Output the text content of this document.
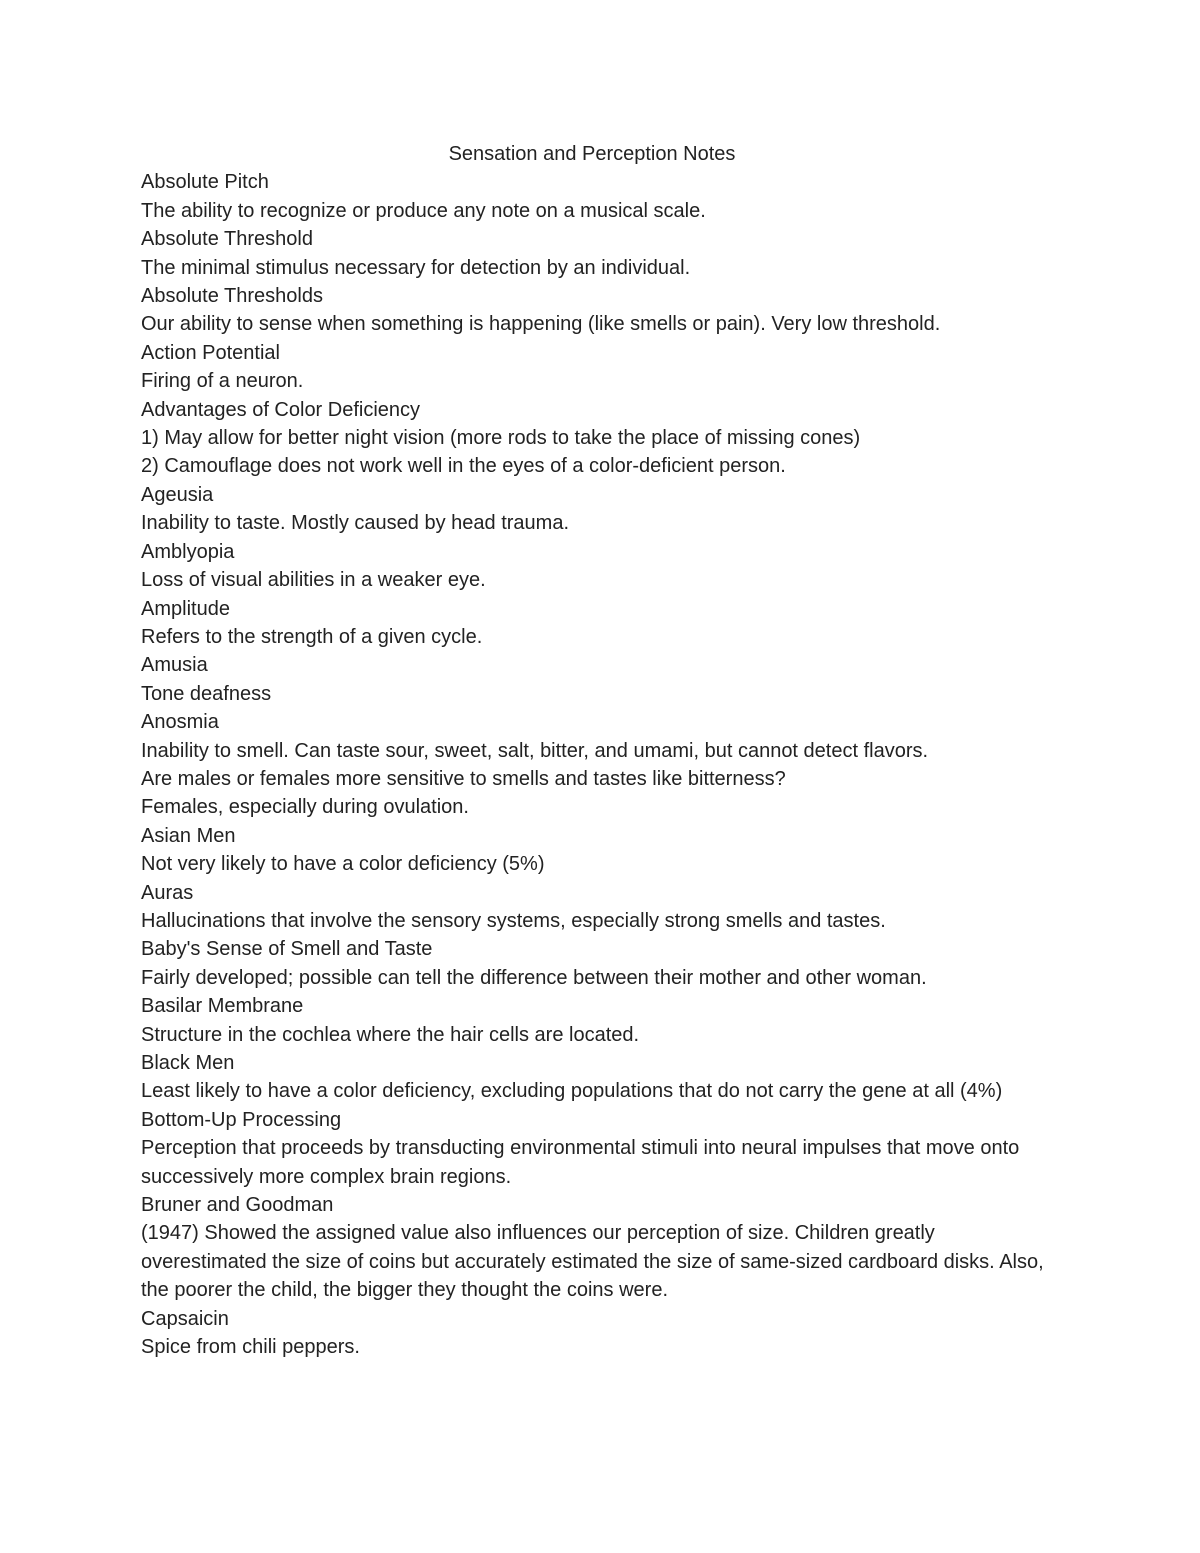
Sensation and Perception Notes

Absolute Pitch

The ability to recognize or produce any note on a musical scale.

Absolute Threshold

The minimal stimulus necessary for detection by an individual.

Absolute Thresholds

Our ability to sense when something is happening (like smells or pain). Very low threshold.

Action Potential

Firing of a neuron.

Advantages of Color Deficiency

1) May allow for better night vision (more rods to take the place of missing cones)

2) Camouflage does not work well in the eyes of a color-deficient person.

Ageusia

Inability to taste. Mostly caused by head trauma.

Amblyopia

Loss of visual abilities in a weaker eye.

Amplitude

Refers to the strength of a given cycle.

Amusia

Tone deafness

Anosmia

Inability to smell. Can taste sour, sweet, salt, bitter, and umami, but cannot detect flavors.

Are males or females more sensitive to smells and tastes like bitterness?

Females, especially during ovulation.

Asian Men

Not very likely to have a color deficiency (5%)

Auras

Hallucinations that involve the sensory systems, especially strong smells and tastes.

Baby's Sense of Smell and Taste

Fairly developed; possible can tell the difference between their mother and other woman.

Basilar Membrane

Structure in the cochlea where the hair cells are located.

Black Men

Least likely to have a color deficiency, excluding populations that do not carry the gene at all (4%)

Bottom-Up Processing

Perception that proceeds by transducting environmental stimuli into neural impulses that move onto successively more complex brain regions.

Bruner and Goodman

(1947) Showed the assigned value also influences our perception of size. Children greatly overestimated the size of coins but accurately estimated the size of same-sized cardboard disks. Also, the poorer the child, the bigger they thought the coins were.

Capsaicin

Spice from chili peppers.
